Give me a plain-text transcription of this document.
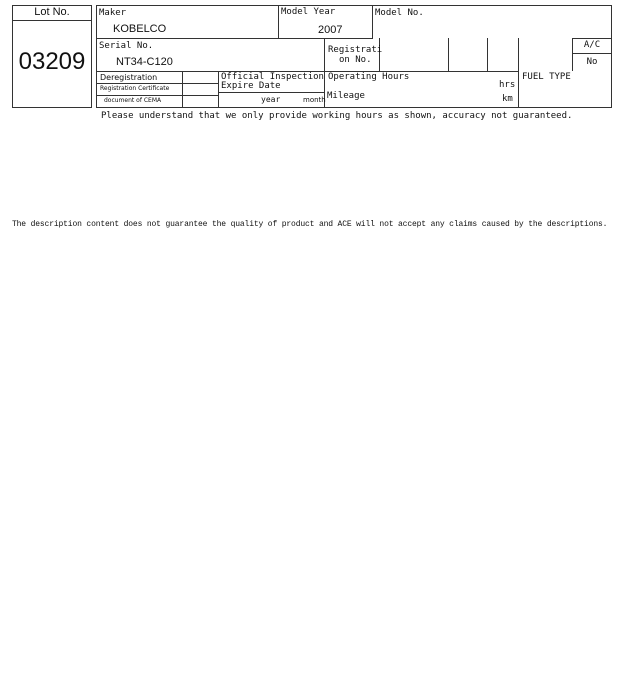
Lot No.
03209
Maker
KOBELCO
Model Year
2007
Model No.
Serial No.
NT34-C120
Registrati
on No.
A/C
No
Deregistration
Registration Certificate
document of CEMA
Official Inspection
Expire Date
year	month
Operating Hours
hrs
Mileage	km
FUEL TYPE
Please understand that we only provide working hours as shown, accuracy not guaranteed.
The description content does not guarantee the quality of product and ACE will not accept any claims caused by the descriptions.
